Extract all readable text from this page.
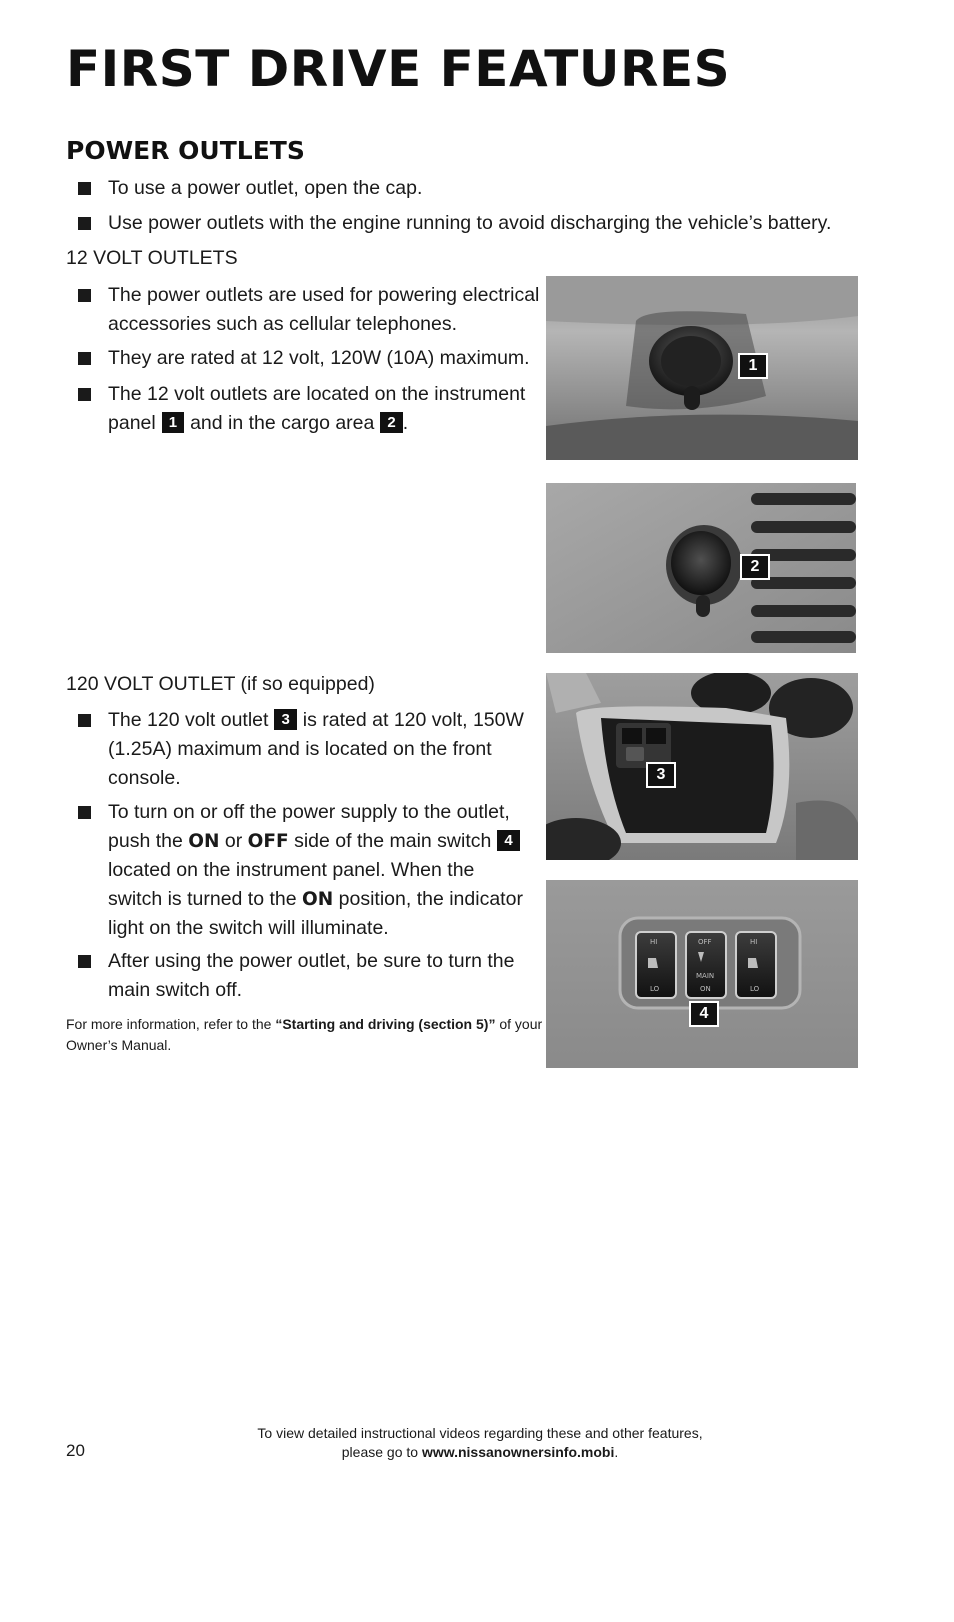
FIRST DRIVE FEATURES
POWER OUTLETS
To use a power outlet, open the cap.
Use power outlets with the engine running to avoid discharging the vehicle’s battery.
12 VOLT OUTLETS
The power outlets are used for powering electrical accessories such as cellular telephones.
They are rated at 12 volt, 120W (10A) maximum.
The 12 volt outlets are located on the instrument panel 1 and in the cargo area 2 .
1
2
120 VOLT OUTLET (if so equipped)
The 120 volt outlet 3 is rated at 120 volt, 150W (1.25A) maximum and is located on the front console.
To turn on or off the power supply to the outlet, push the ON or OFF side of the main switch 4located on the instrument panel. When the switch is turned to the ON position, the indicator light on the switch will illuminate.
After using the power outlet, be sure to turn the main switch off.
3
HI
LO
OFF
MAIN
ON
HI
LO
4
For more information, refer to the “Starting and driving (section 5)” of your Owner’s Manual.
20
To view detailed instructional videos regarding these and other features,
please go to www.nissanownersinfo.mobi.
